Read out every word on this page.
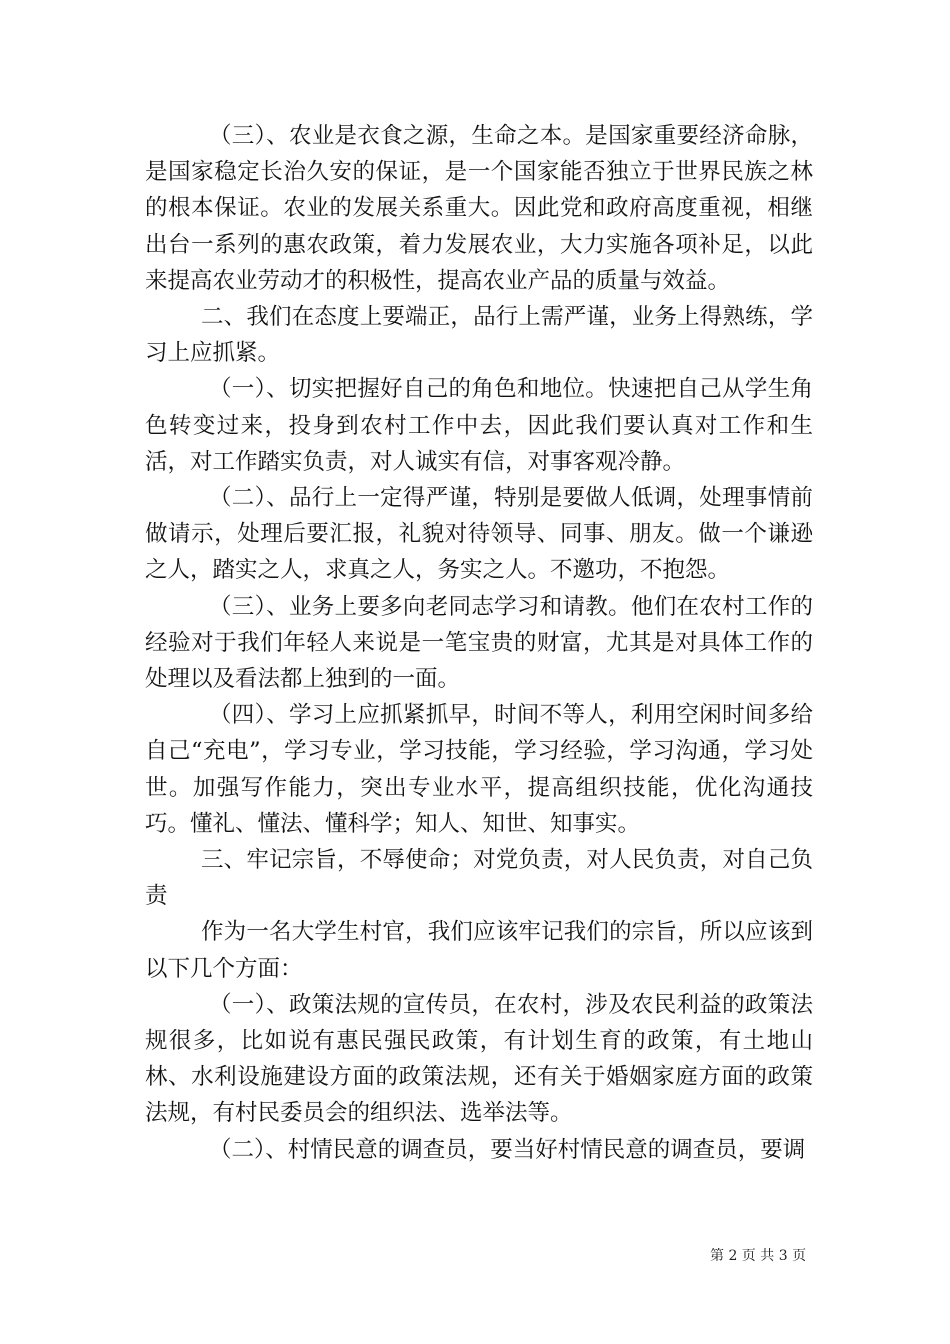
（三）、农业是衣食之源，生命之本。是国家重要经济命脉，是国家稳定长治久安的保证，是一个国家能否独立于世界民族之林的根本保证。农业的发展关系重大。因此党和政府高度重视，相继出台一系列的惠农政策，着力发展农业，大力实施各项补足，以此来提高农业劳动才的积极性，提高农业产品的质量与效益。

二、我们在态度上要端正，品行上需严谨，业务上得熟练，学习上应抓紧。

（一）、切实把握好自己的角色和地位。快速把自己从学生角色转变过来，投身到农村工作中去，因此我们要认真对工作和生活，对工作踏实负责，对人诚实有信，对事客观冷静。

（二）、品行上一定得严谨，特别是要做人低调，处理事情前做请示，处理后要汇报，礼貌对待领导、同事、朋友。做一个谦逊之人，踏实之人，求真之人，务实之人。不邀功，不抱怨。

（三）、业务上要多向老同志学习和请教。他们在农村工作的经验对于我们年轻人来说是一笔宝贵的财富，尤其是对具体工作的处理以及看法都上独到的一面。

（四）、学习上应抓紧抓早，时间不等人，利用空闲时间多给自己“充电”，学习专业，学习技能，学习经验，学习沟通，学习处世。加强写作能力，突出专业水平，提高组织技能，优化沟通技巧。懂礼、懂法、懂科学；知人、知世、知事实。

三、牢记宗旨，不辱使命；对党负责，对人民负责，对自己负责

作为一名大学生村官，我们应该牢记我们的宗旨，所以应该到以下几个方面：

（一）、政策法规的宣传员，在农村，涉及农民利益的政策法规很多，比如说有惠民强民政策，有计划生育的政策，有土地山林、水利设施建设方面的政策法规，还有关于婚姻家庭方面的政策法规，有村民委员会的组织法、选举法等。

（二）、村情民意的调查员，要当好村情民意的调查员，要调

第 2 页 共 3 页
